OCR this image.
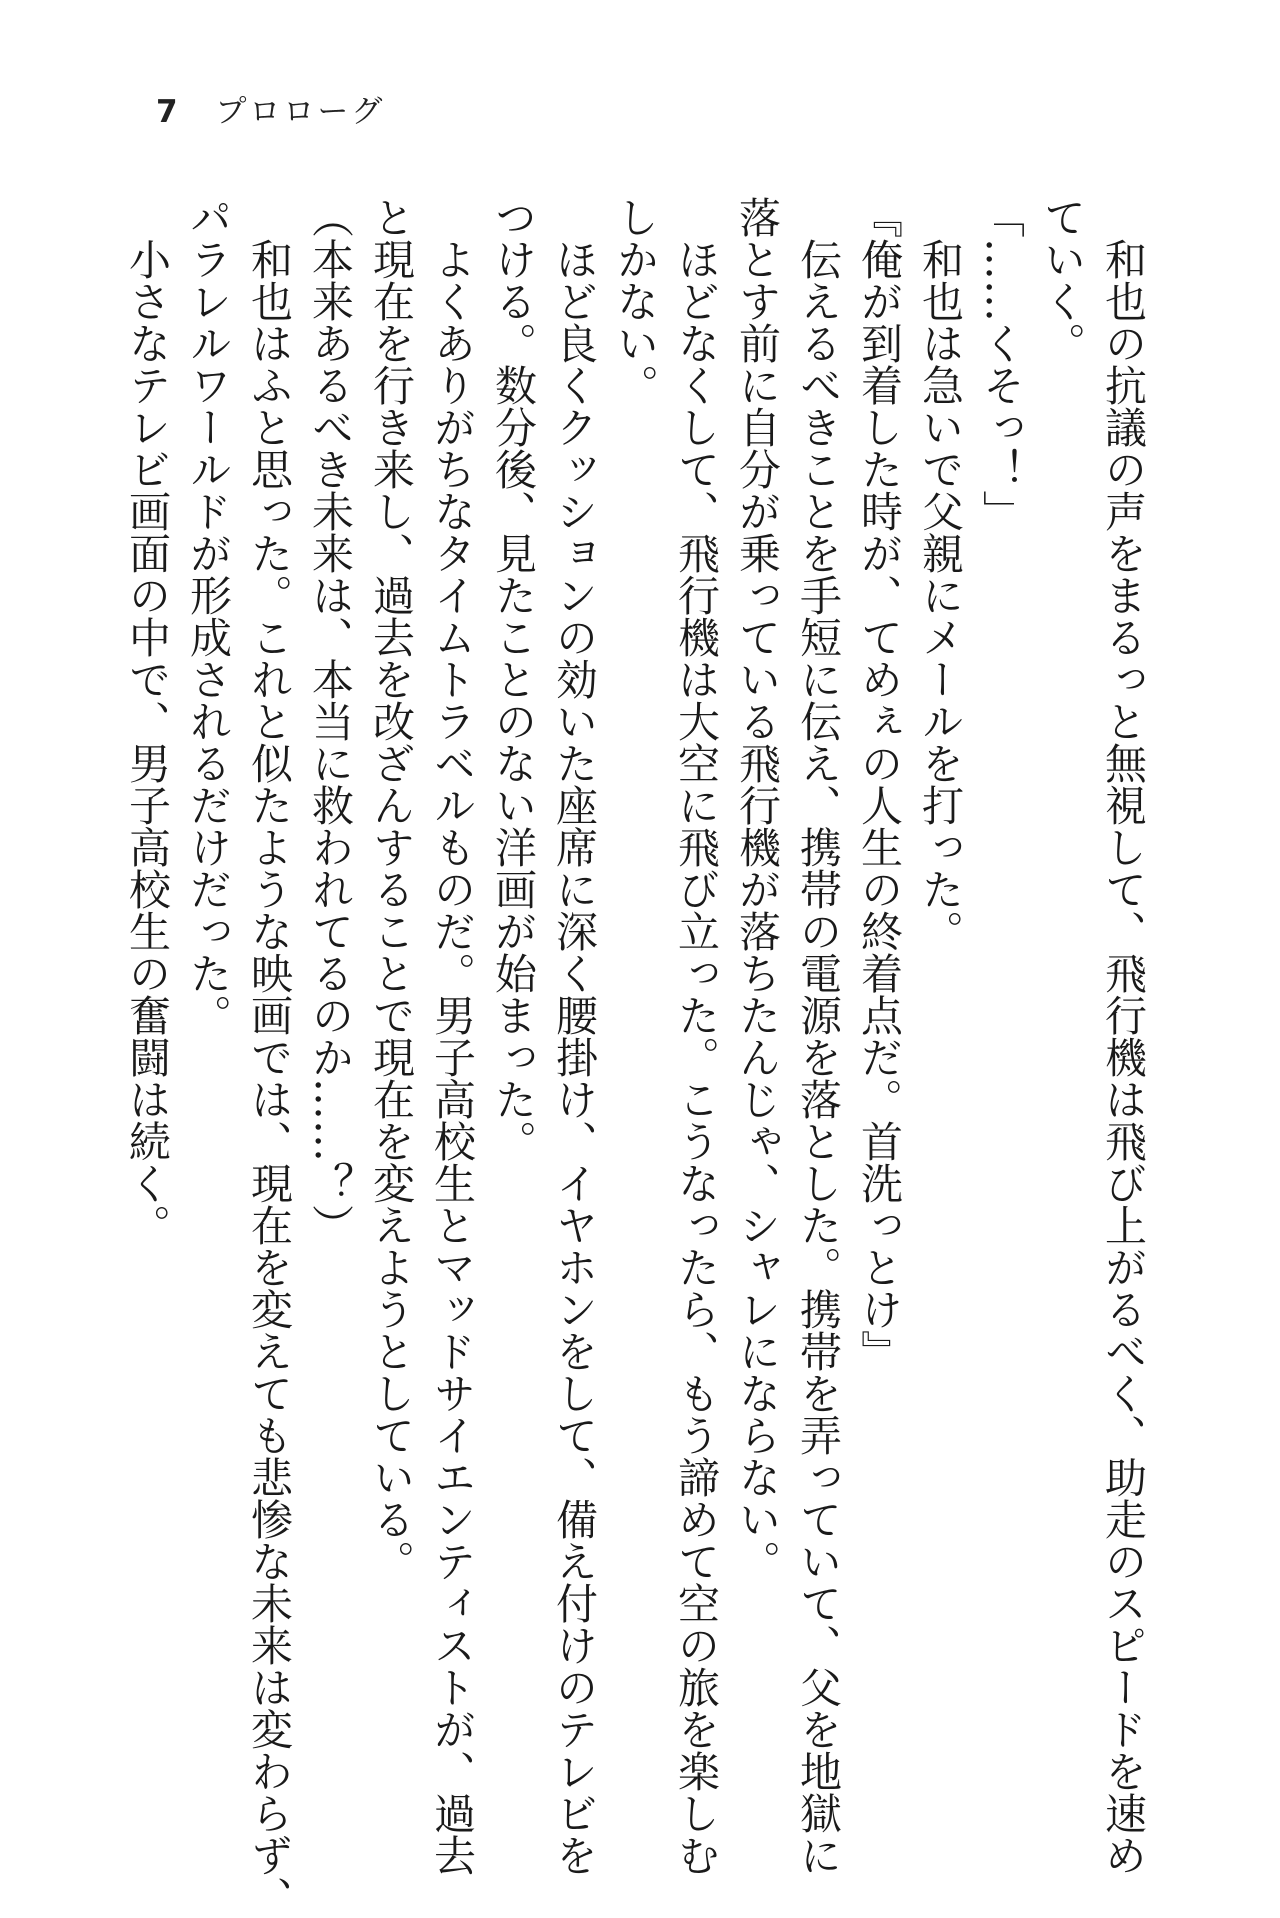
7 プロローグ

和也の抗議の声をまるっと無視して、飛行機は飛び上がるべく、助走のスピードを速め

ていく。

「……くそっ！」

和也は急いで父親にメールを打った。

『俺が到着した時が、てめぇの人生の終着点だ。首洗っとけ』

伝えるべきことを手短に伝え、携帯の電源を落とした。携帯を弄っていて、父を地獄に

落とす前に自分が乗っている飛行機が落ちたんじゃ、シャレにならない。

ほどなくして、飛行機は大空に飛び立った。こうなったら、もう諦めて空の旅を楽しむ

しかない。

ほど良くクッションの効いた座席に深く腰掛け、イヤホンをして、備え付けのテレビを

つける。数分後、見たことのない洋画が始まった。

よくありがちなタイムトラベルものだ。男子高校生とマッドサイエンティストが、過去

と現在を行き来し、過去を改ざんすることで現在を変えようとしている。

（本来あるべき未来は、本当に救われてるのか……？）

和也はふと思った。これと似たような映画では、現在を変えても悲惨な未来は変わらず、

パラレルワールドが形成されるだけだった。

小さなテレビ画面の中で、男子高校生の奮闘は続く。
